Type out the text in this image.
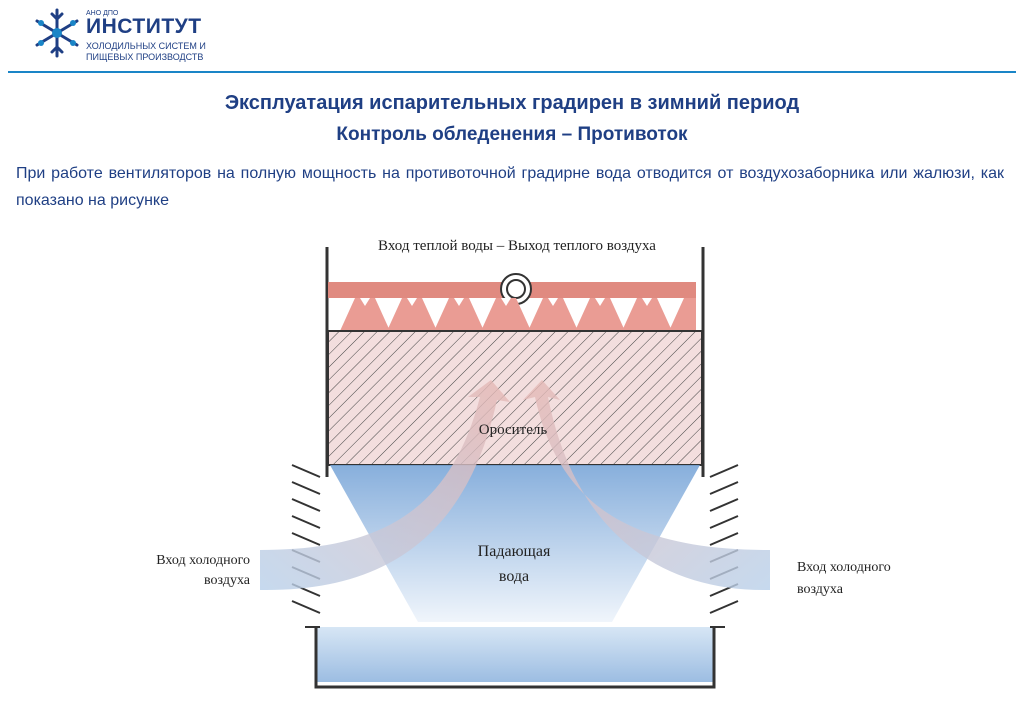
АНО ДПО
ИНСТИТУТ
ХОЛОДИЛЬНЫХ СИСТЕМ И
ПИЩЕВЫХ ПРОИЗВОДСТВ
Эксплуатация испарительных градирен в зимний период
Контроль обледенения – Противоток
При работе вентиляторов на полную мощность на противоточной градирне вода отводится от воздухозаборника или жалюзи, как показано на рисунке
Вход теплой воды – Выход теплого воздуха
Ороситель
Падающая
вода
Вход холодного
воздуха
Вход холодного
воздуха
